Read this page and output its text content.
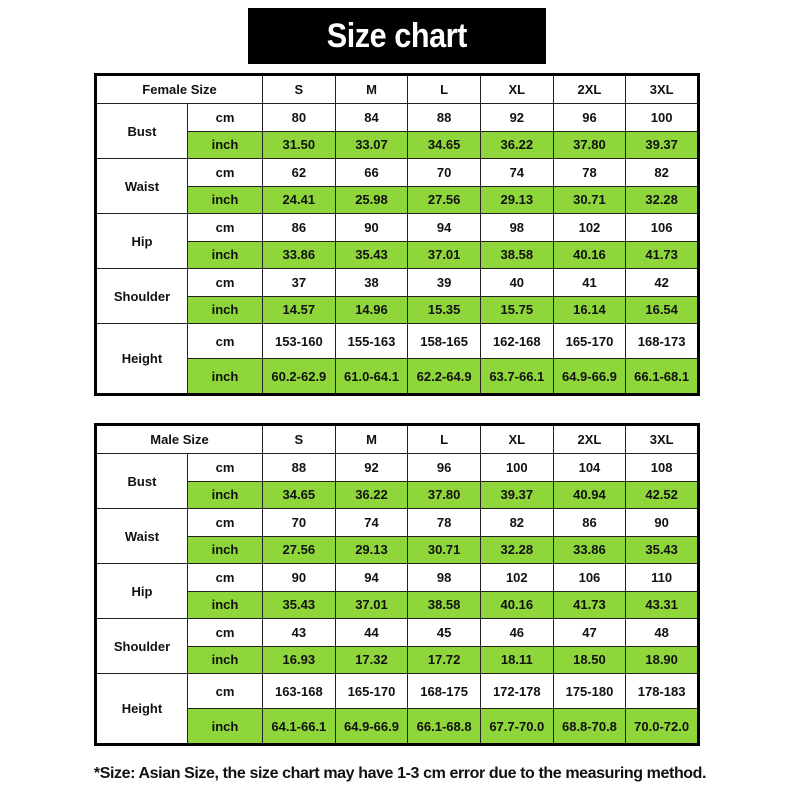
Size chart
Female Size		S	M	L	XL	2XL	3XL
Bust	cm	80	84	88	92	96	100
	inch	31.50	33.07	34.65	36.22	37.80	39.37
Waist	cm	62	66	70	74	78	82
	inch	24.41	25.98	27.56	29.13	30.71	32.28
Hip	cm	86	90	94	98	102	106
	inch	33.86	35.43	37.01	38.58	40.16	41.73
Shoulder	cm	37	38	39	40	41	42
	inch	14.57	14.96	15.35	15.75	16.14	16.54
Height	cm	153-160	155-163	158-165	162-168	165-170	168-173
	inch	60.2-62.9	61.0-64.1	62.2-64.9	63.7-66.1	64.9-66.9	66.1-68.1
Male Size		S	M	L	XL	2XL	3XL
Bust	cm	88	92	96	100	104	108
	inch	34.65	36.22	37.80	39.37	40.94	42.52
Waist	cm	70	74	78	82	86	90
	inch	27.56	29.13	30.71	32.28	33.86	35.43
Hip	cm	90	94	98	102	106	110
	inch	35.43	37.01	38.58	40.16	41.73	43.31
Shoulder	cm	43	44	45	46	47	48
	inch	16.93	17.32	17.72	18.11	18.50	18.90
Height	cm	163-168	165-170	168-175	172-178	175-180	178-183
	inch	64.1-66.1	64.9-66.9	66.1-68.8	67.7-70.0	68.8-70.8	70.0-72.0
*Size: Asian Size, the size chart may have 1-3 cm error due to the measuring method.
